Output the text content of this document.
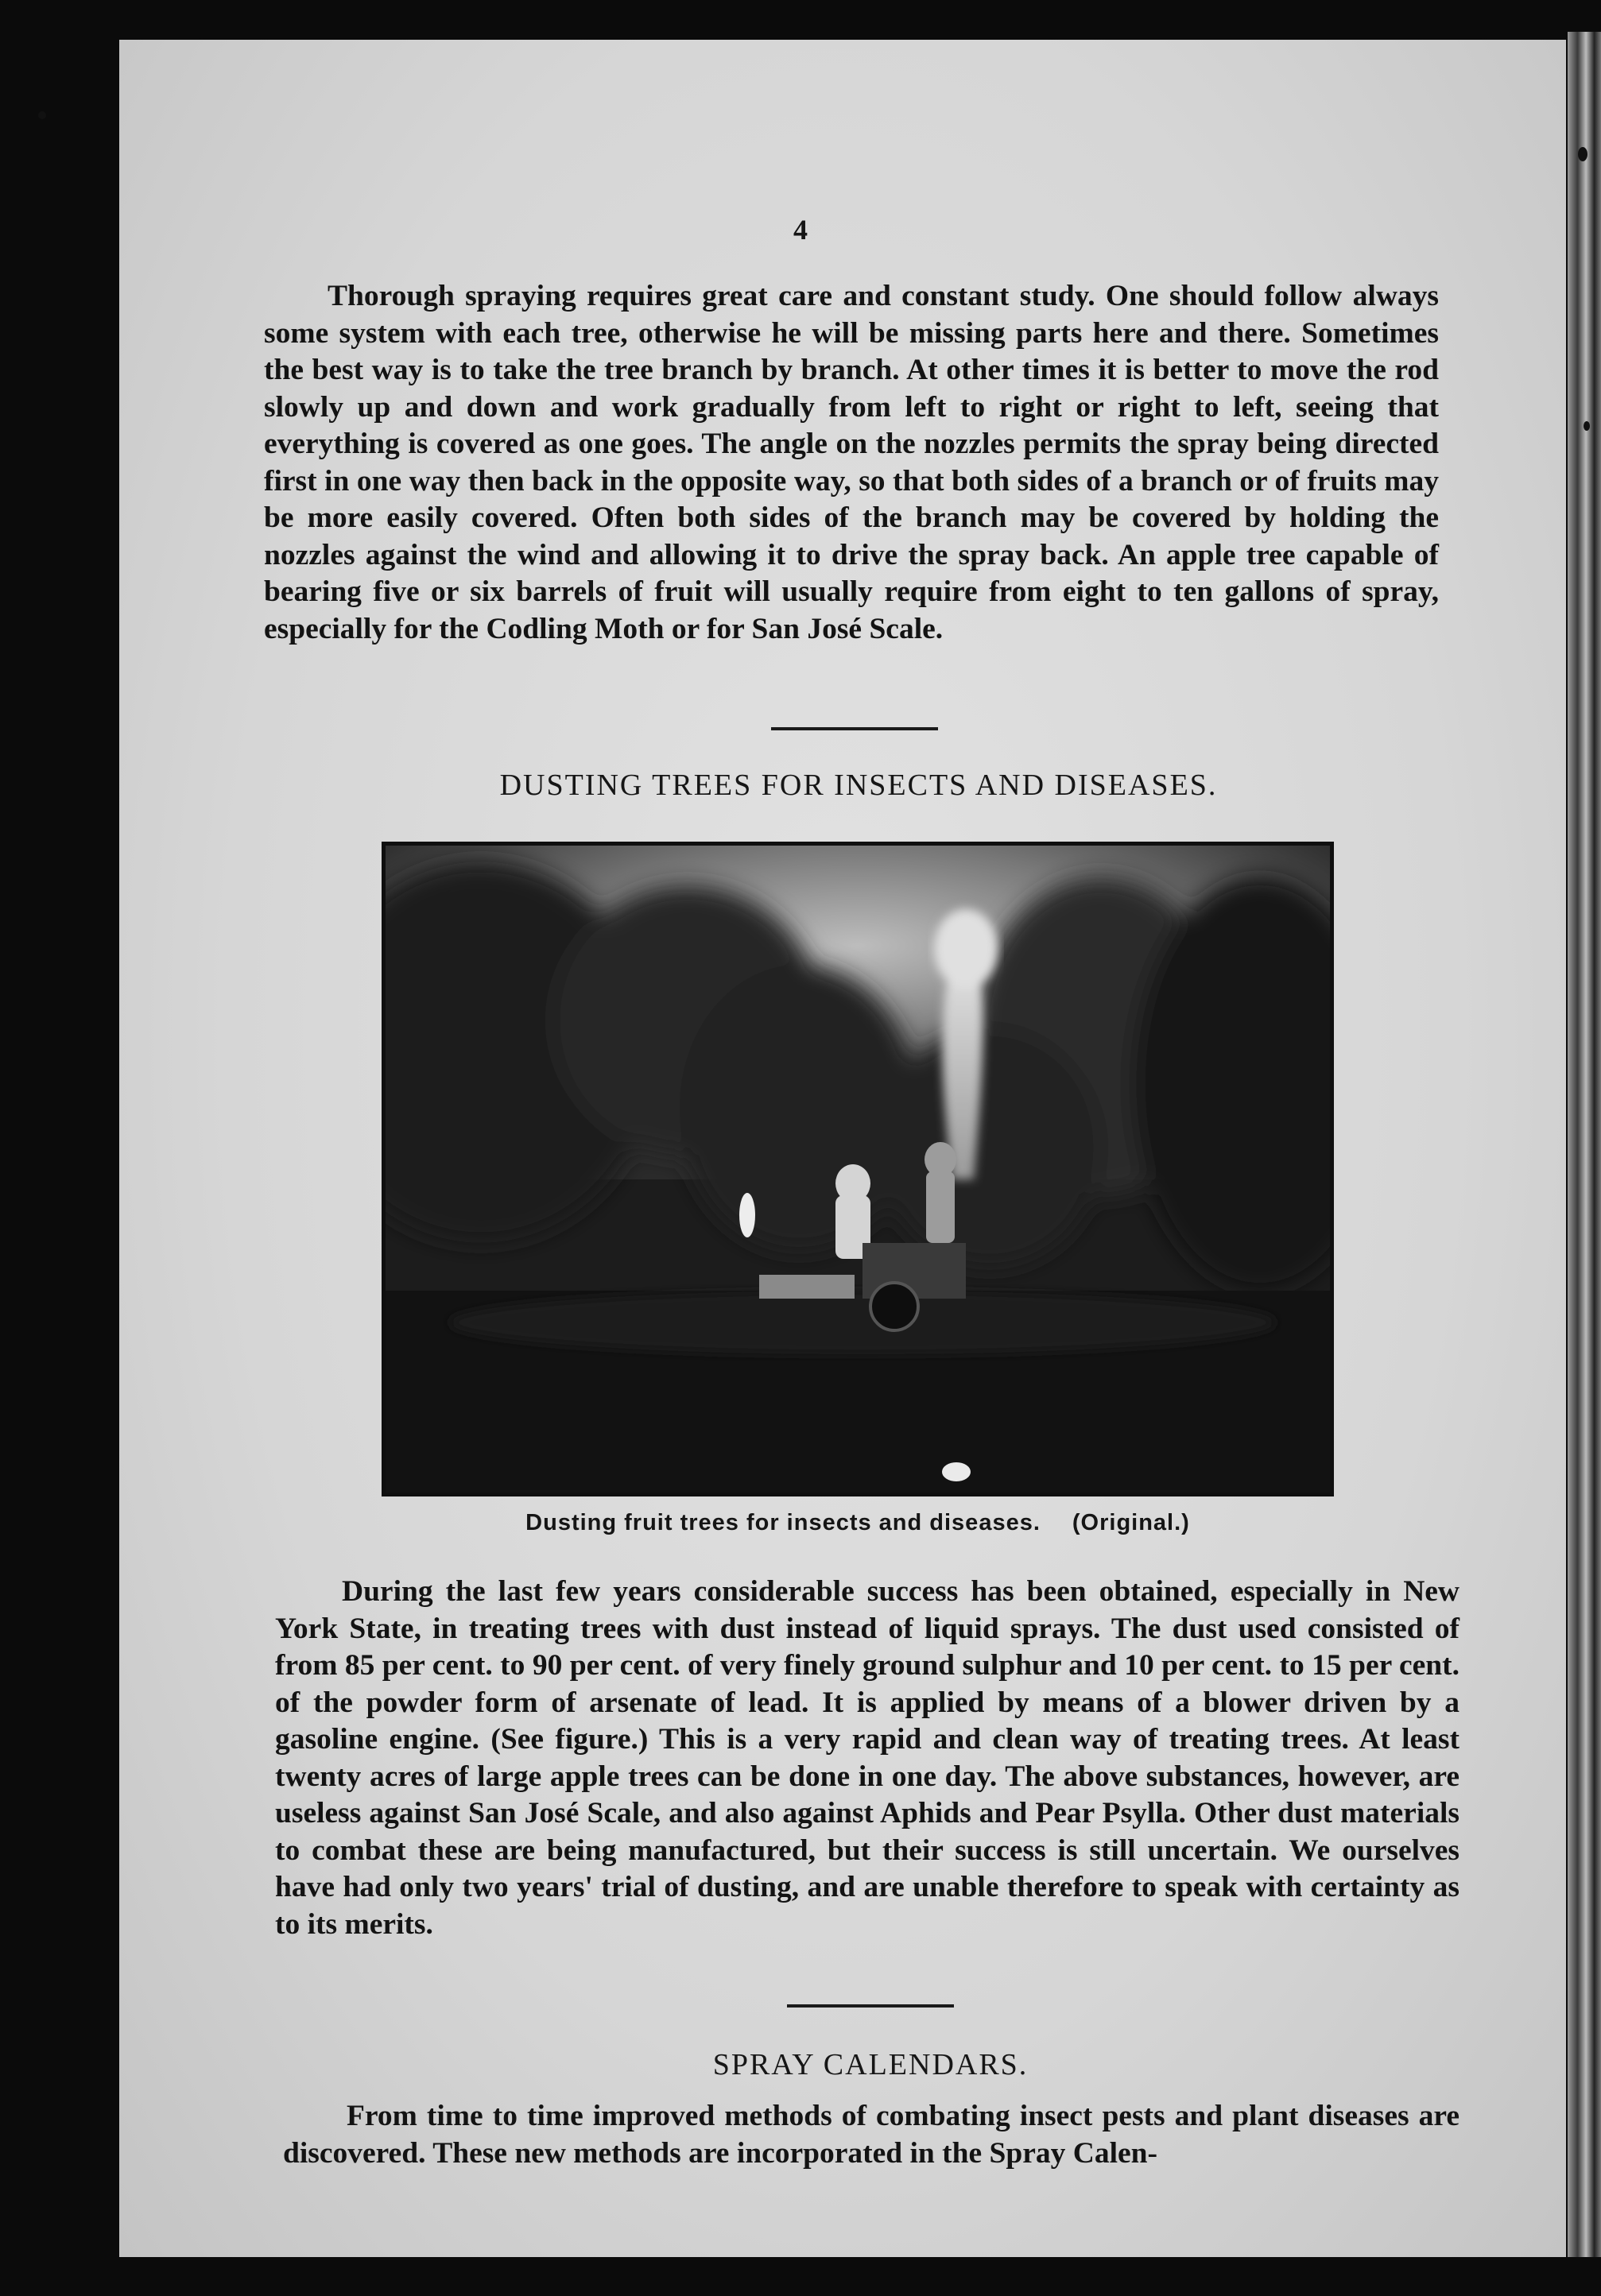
4
Thorough spraying requires great care and constant study. One should follow always some system with each tree, otherwise he will be missing parts here and there. Sometimes the best way is to take the tree branch by branch. At other times it is better to move the rod slowly up and down and work gradually from left to right or right to left, seeing that everything is covered as one goes. The angle on the nozzles permits the spray being directed first in one way then back in the opposite way, so that both sides of a branch or of fruits may be more easily covered. Often both sides of the branch may be covered by holding the nozzles against the wind and allowing it to drive the spray back. An apple tree capable of bearing five or six barrels of fruit will usually require from eight to ten gallons of spray, especially for the Codling Moth or for San José Scale.
DUSTING TREES FOR INSECTS AND DISEASES.
Dusting fruit trees for insects and diseases. (Original.)
During the last few years considerable success has been obtained, especially in New York State, in treating trees with dust instead of liquid sprays. The dust used consisted of from 85 per cent. to 90 per cent. of very finely ground sulphur and 10 per cent. to 15 per cent. of the powder form of arsenate of lead. It is applied by means of a blower driven by a gasoline engine. (See figure.) This is a very rapid and clean way of treating trees. At least twenty acres of large apple trees can be done in one day. The above substances, however, are useless against San José Scale, and also against Aphids and Pear Psylla. Other dust materials to combat these are being manufactured, but their success is still uncertain. We ourselves have had only two years' trial of dusting, and are unable therefore to speak with certainty as to its merits.
SPRAY CALENDARS.
From time to time improved methods of combating insect pests and plant diseases are discovered. These new methods are incorporated in the Spray Calen-
